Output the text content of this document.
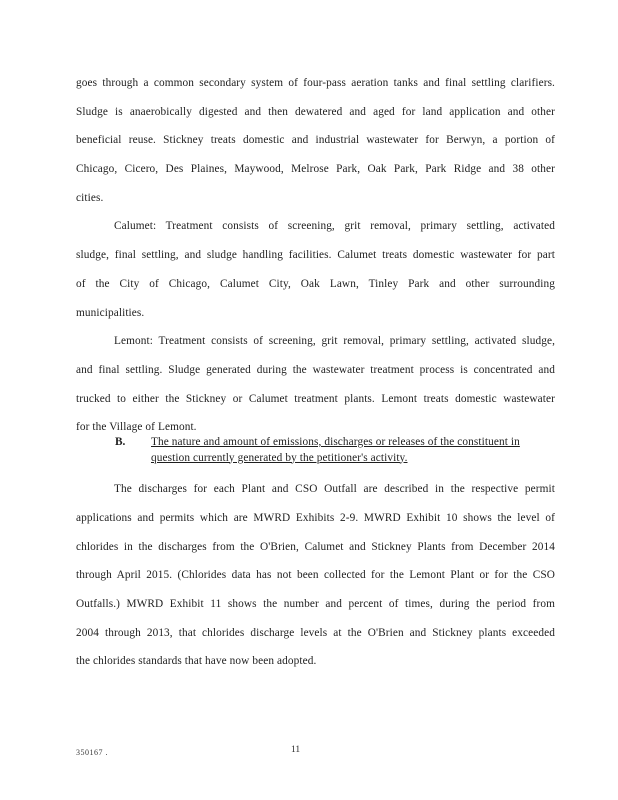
goes through a common secondary system of four-pass aeration tanks and final settling clarifiers.
Sludge is anaerobically digested and then dewatered and aged for land application and other
beneficial reuse. Stickney treats domestic and industrial wastewater for Berwyn, a portion of
Chicago, Cicero, Des Plaines, Maywood, Melrose Park, Oak Park, Park Ridge and 38 other
cities.
Calumet: Treatment consists of screening, grit removal, primary settling, activated
sludge, final settling, and sludge handling facilities. Calumet treats domestic wastewater for part
of the City of Chicago, Calumet City, Oak Lawn, Tinley Park and other surrounding
municipalities.
Lemont: Treatment consists of screening, grit removal, primary settling, activated sludge,
and final settling. Sludge generated during the wastewater treatment process is concentrated and
trucked to either the Stickney or Calumet treatment plants. Lemont treats domestic wastewater
for the Village of Lemont.
B.	The nature and amount of emissions, discharges or releases of the constituent in
question currently generated by the petitioner's activity.
The discharges for each Plant and CSO Outfall are described in the respective permit
applications and permits which are MWRD Exhibits 2-9. MWRD Exhibit 10 shows the level of
chlorides in the discharges from the O'Brien, Calumet and Stickney Plants from December 2014
through April 2015. (Chlorides data has not been collected for the Lemont Plant or for the CSO
Outfalls.) MWRD Exhibit 11 shows the number and percent of times, during the period from
2004 through 2013, that chlorides discharge levels at the O'Brien and Stickney plants exceeded
the chlorides standards that have now been adopted.
350167 .	11
